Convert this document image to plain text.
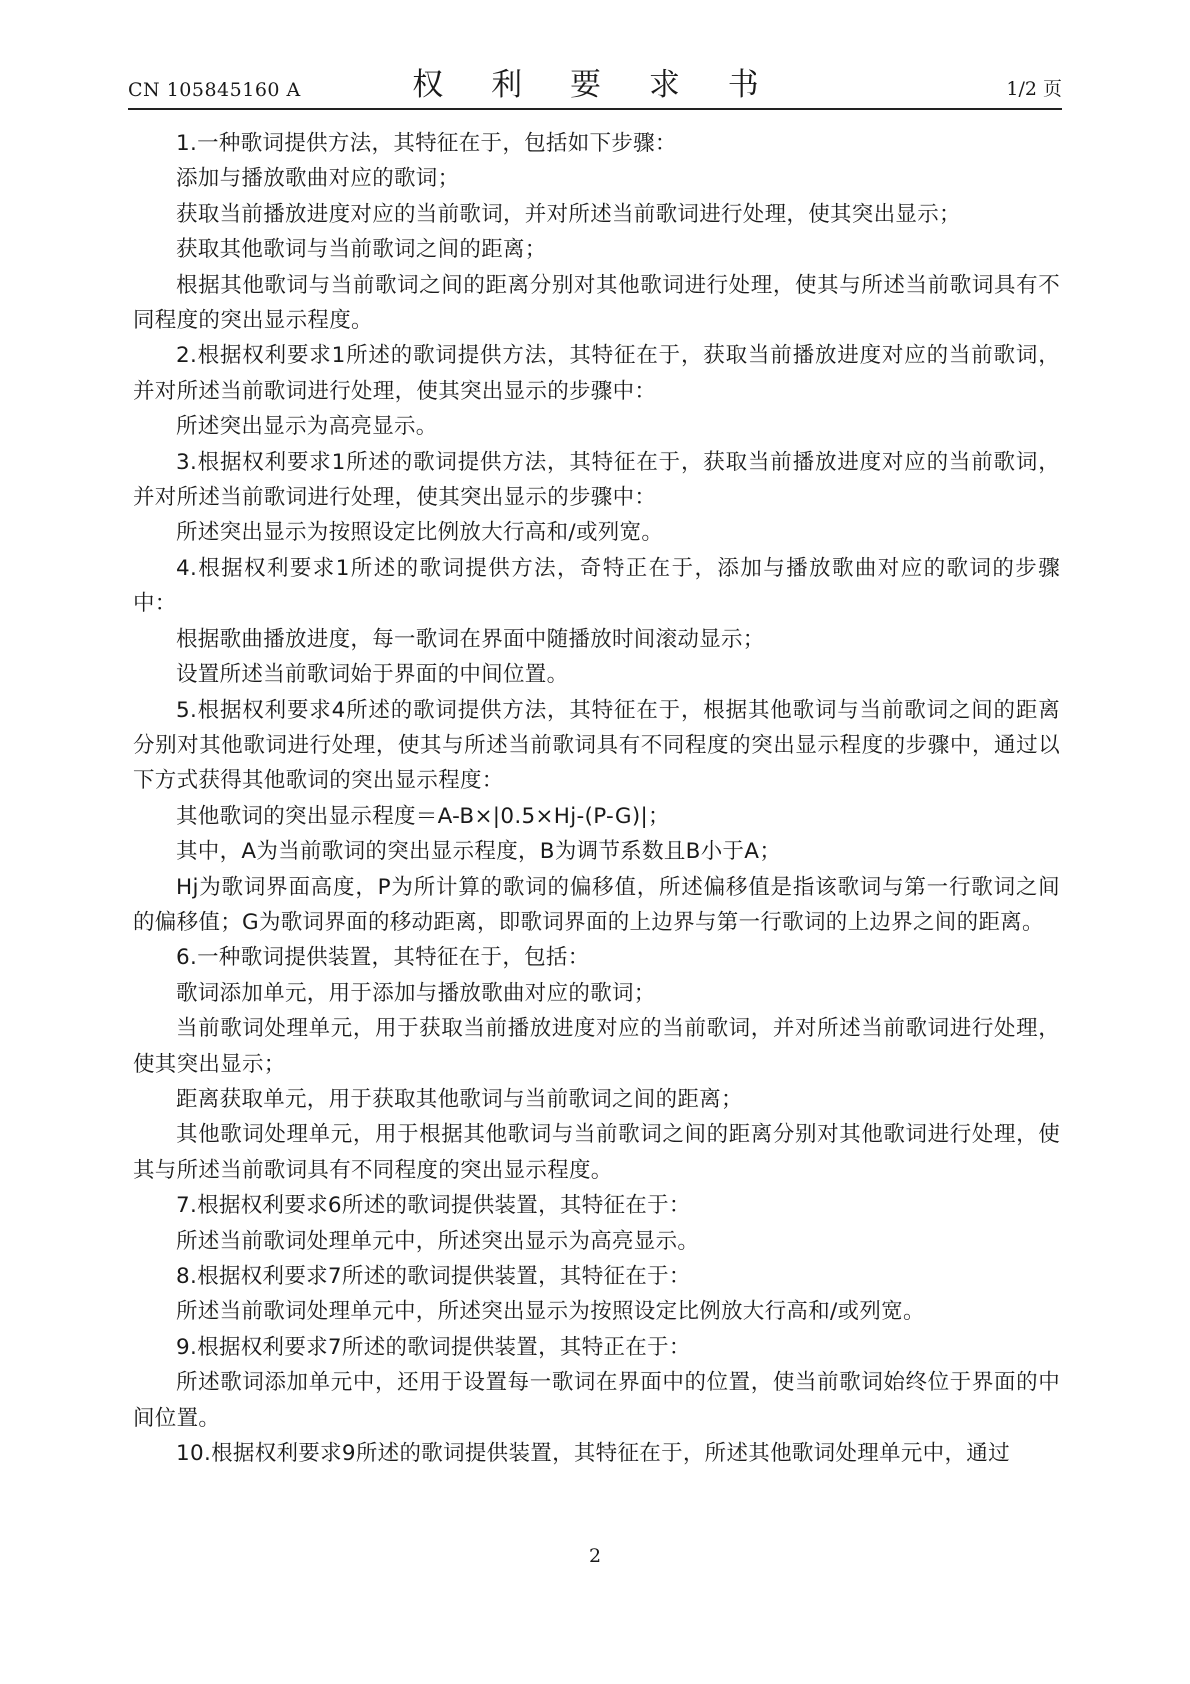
CN 105845160 A	权 利 要 求 书	1/2 页

1.一种歌词提供方法，其特征在于，包括如下步骤：

添加与播放歌曲对应的歌词；

获取当前播放进度对应的当前歌词，并对所述当前歌词进行处理，使其突出显示；

获取其他歌词与当前歌词之间的距离；

根据其他歌词与当前歌词之间的距离分别对其他歌词进行处理，使其与所述当前歌词具有不同程度的突出显示程度。

2.根据权利要求1所述的歌词提供方法，其特征在于，获取当前播放进度对应的当前歌词，并对所述当前歌词进行处理，使其突出显示的步骤中：

所述突出显示为高亮显示。

3.根据权利要求1所述的歌词提供方法，其特征在于，获取当前播放进度对应的当前歌词，并对所述当前歌词进行处理，使其突出显示的步骤中：

所述突出显示为按照设定比例放大行高和/或列宽。

4.根据权利要求1所述的歌词提供方法，奇特正在于，添加与播放歌曲对应的歌词的步骤中：

根据歌曲播放进度，每一歌词在界面中随播放时间滚动显示；

设置所述当前歌词始于界面的中间位置。

5.根据权利要求4所述的歌词提供方法，其特征在于，根据其他歌词与当前歌词之间的距离分别对其他歌词进行处理，使其与所述当前歌词具有不同程度的突出显示程度的步骤中，通过以下方式获得其他歌词的突出显示程度：

其他歌词的突出显示程度＝A-B×|0.5×Hj-(P-G)|；

其中，A为当前歌词的突出显示程度，B为调节系数且B小于A；

Hj为歌词界面高度，P为所计算的歌词的偏移值，所述偏移值是指该歌词与第一行歌词之间的偏移值；G为歌词界面的移动距离，即歌词界面的上边界与第一行歌词的上边界之间的距离。

6.一种歌词提供装置，其特征在于，包括：

歌词添加单元，用于添加与播放歌曲对应的歌词；

当前歌词处理单元，用于获取当前播放进度对应的当前歌词，并对所述当前歌词进行处理，使其突出显示；

距离获取单元，用于获取其他歌词与当前歌词之间的距离；

其他歌词处理单元，用于根据其他歌词与当前歌词之间的距离分别对其他歌词进行处理，使其与所述当前歌词具有不同程度的突出显示程度。

7.根据权利要求6所述的歌词提供装置，其特征在于：

所述当前歌词处理单元中，所述突出显示为高亮显示。

8.根据权利要求7所述的歌词提供装置，其特征在于：

所述当前歌词处理单元中，所述突出显示为按照设定比例放大行高和/或列宽。

9.根据权利要求7所述的歌词提供装置，其特正在于：

所述歌词添加单元中，还用于设置每一歌词在界面中的位置，使当前歌词始终位于界面的中间位置。

10.根据权利要求9所述的歌词提供装置，其特征在于，所述其他歌词处理单元中，通过

2
